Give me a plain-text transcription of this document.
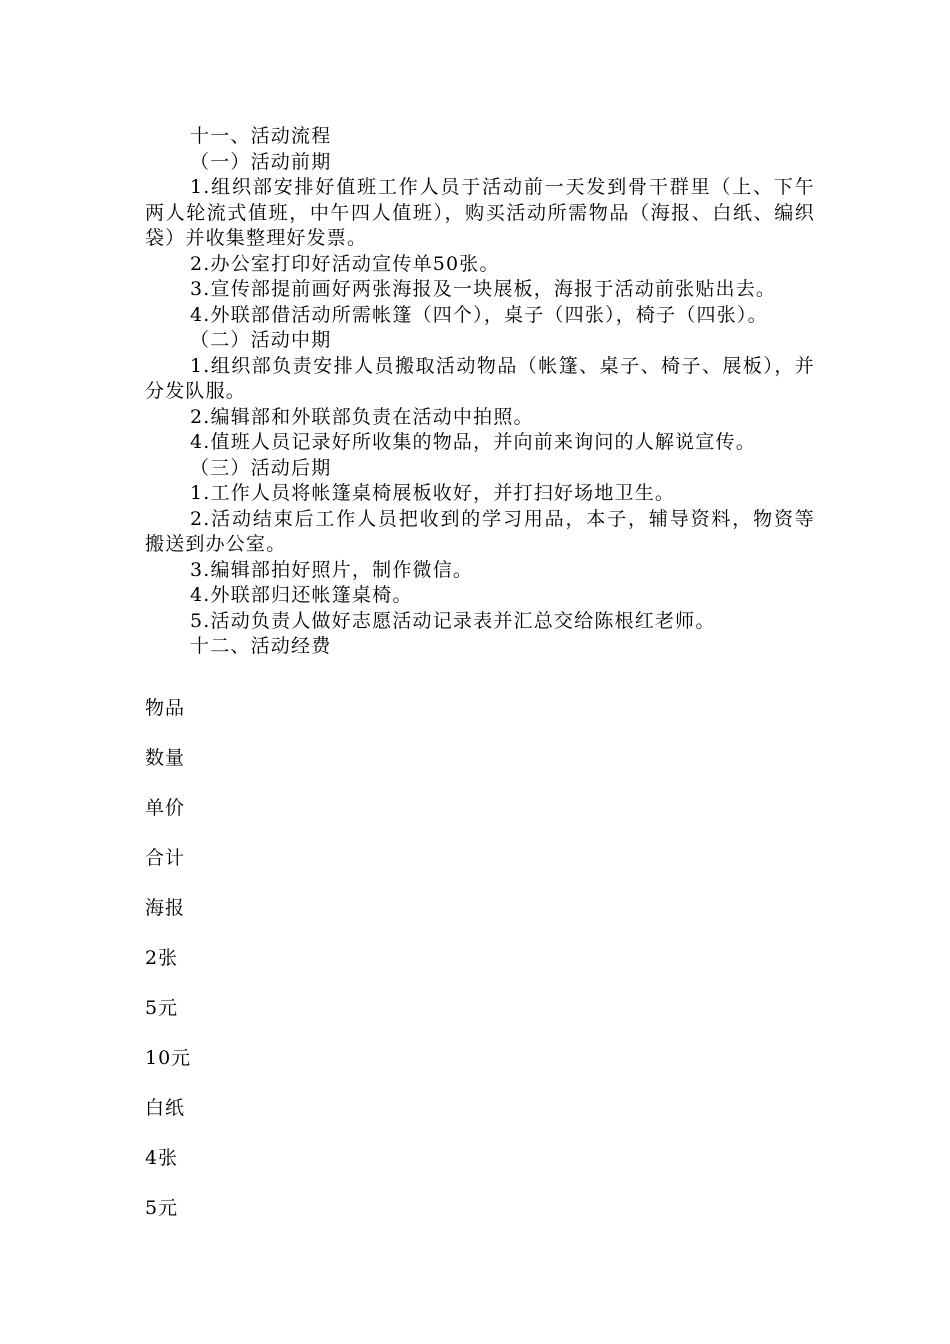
十一、活动流程
（一）活动前期
1.组织部安排好值班工作人员于活动前一天发到骨干群里（上、下午两人轮流式值班，中午四人值班），购买活动所需物品（海报、白纸、编织袋）并收集整理好发票。
2.办公室打印好活动宣传单50张。
3.宣传部提前画好两张海报及一块展板，海报于活动前张贴出去。
4.外联部借活动所需帐篷（四个），桌子（四张），椅子（四张）。
（二）活动中期
1.组织部负责安排人员搬取活动物品（帐篷、桌子、椅子、展板），并分发队服。
2.编辑部和外联部负责在活动中拍照。
4.值班人员记录好所收集的物品，并向前来询问的人解说宣传。
（三）活动后期
1.工作人员将帐篷桌椅展板收好，并打扫好场地卫生。
2.活动结束后工作人员把收到的学习用品，本子，辅导资料，物资等搬送到办公室。
3.编辑部拍好照片，制作微信。
4.外联部归还帐篷桌椅。
5.活动负责人做好志愿活动记录表并汇总交给陈根红老师。
十二、活动经费
物品
数量
单价
合计
海报
2张
5元
10元
白纸
4张
5元
